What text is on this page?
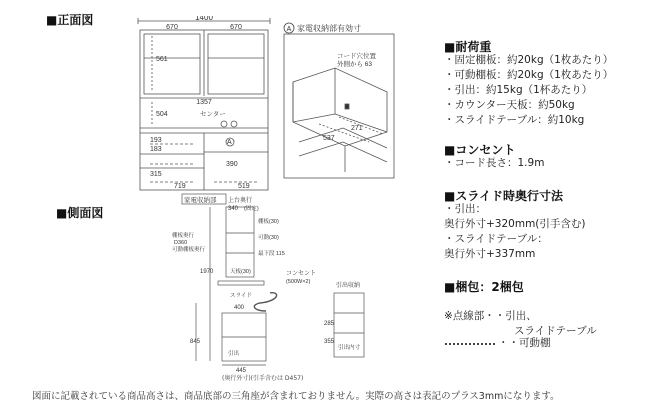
■正面図	1400
670	670
561
1357
504	センター
A
193
183
315
719	519
390
A 家電収納部有効寸
コード穴位置
外側から 63
271
537
■側面図
家電収納部 上台奥行
340 (固定)
棚板(30)
棚板奥行
D360
可動棚板奥行
可動(30)
最下段 115
1970
845
天板(30)	コンセント
(500W×2)
スライド
400
引出
445
引出収納
引出内寸
285
355
(奥行外寸)(引手含むは D457)
■耐荷重
・固定棚板：約20kg（1枚あたり）
・可動棚板：約20kg（1枚あたり）
・引出：約15kg（1杯あたり）
・カウンター天板：約50kg
・スライドテーブル：約10kg
■コンセント
・コード長さ：1.9m
■スライド時奥行寸法
・引出：
奥行外寸+320mm(引手含む)
・スライドテーブル：
奥行外寸+337mm
■梱包：2梱包
※点線部・・引出、
スライドテーブル
・・可動棚
図面に記載されている商品高さは、商品底部の三角座が含まれておりません。実際の高さは表記のプラス3mmになります。
